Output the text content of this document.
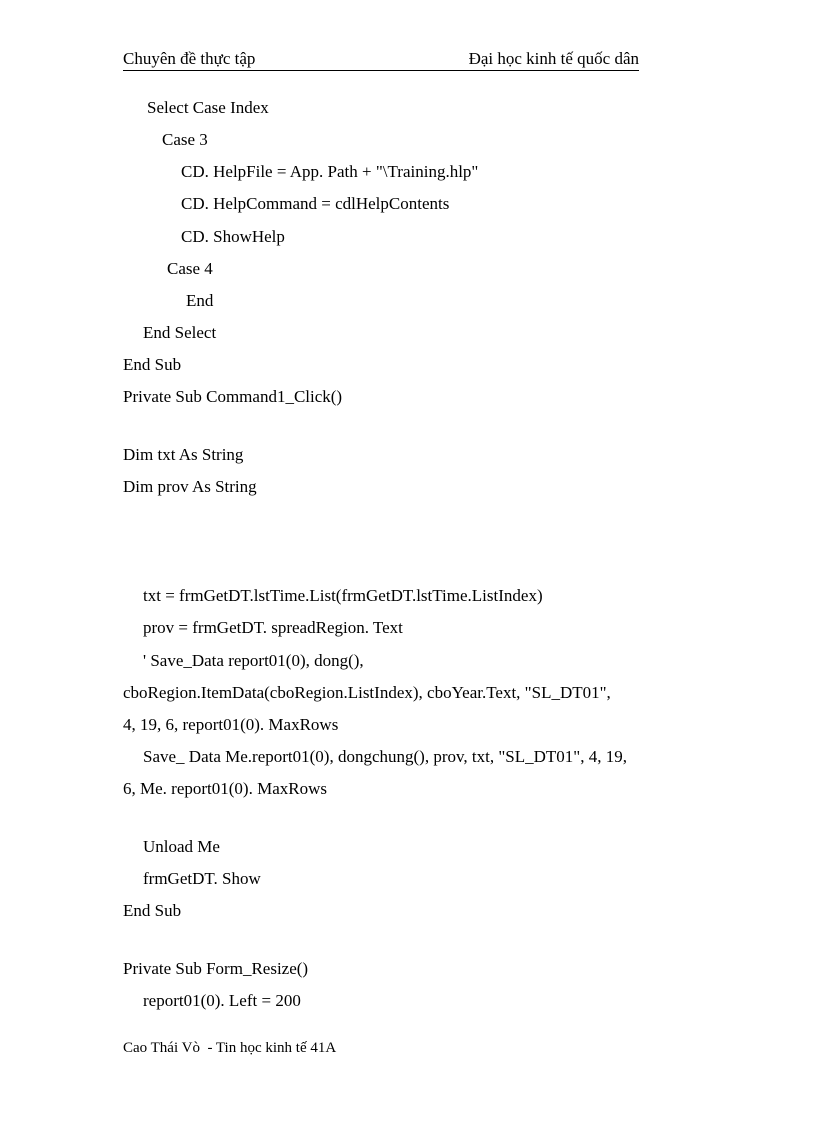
Chuyên đề thực tập	Đại học kinh tế quốc dân
Select Case Index
Case 3
CD. HelpFile = App. Path + "\Training.hlp"
CD. HelpCommand = cdlHelpContents
CD. ShowHelp
Case 4
End
End Select
End Sub
Private Sub Command1_Click()
Dim txt As String
Dim prov As String
txt = frmGetDT.lstTime.List(frmGetDT.lstTime.ListIndex)
prov = frmGetDT. spreadRegion. Text
' Save_Data report01(0), dong(),
cboRegion.ItemData(cboRegion.ListIndex), cboYear.Text, "SL_DT01",
4, 19, 6, report01(0). MaxRows
Save_ Data Me.report01(0), dongchung(), prov, txt, "SL_DT01", 4, 19,
6, Me. report01(0). MaxRows
Unload Me
frmGetDT. Show
End Sub
Private Sub Form_Resize()
report01(0). Left = 200
Cao Thái Vò  - Tin học kinh tế 41A
